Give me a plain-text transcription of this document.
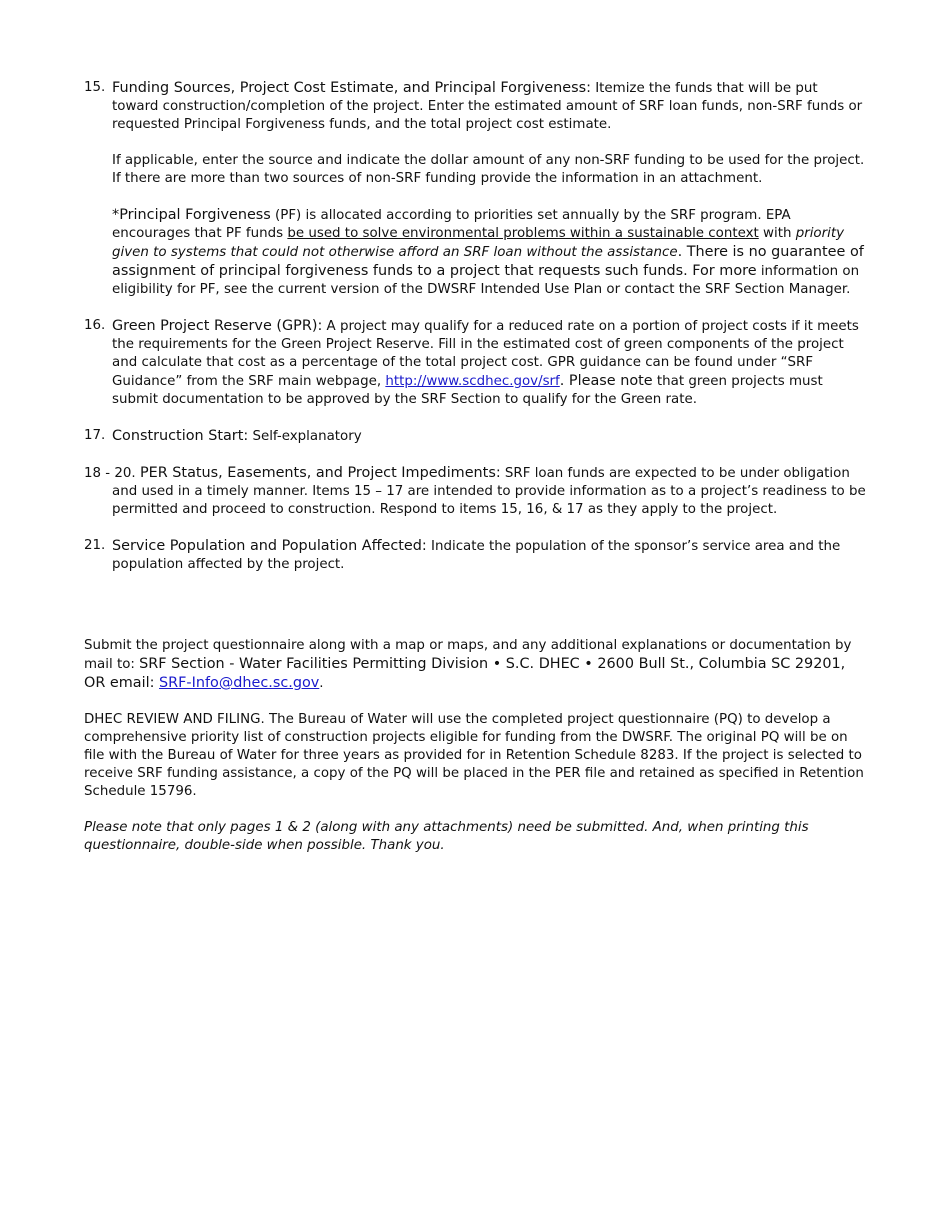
15. Funding Sources, Project Cost Estimate, and Principal Forgiveness: Itemize the funds that will be put toward construction/completion of the project. Enter the estimated amount of SRF loan funds, non-SRF funds or requested Principal Forgiveness funds, and the total project cost estimate.

If applicable, enter the source and indicate the dollar amount of any non-SRF funding to be used for the project. If there are more than two sources of non-SRF funding provide the information in an attachment.

*Principal Forgiveness (PF) is allocated according to priorities set annually by the SRF program. EPA encourages that PF funds be used to solve environmental problems within a sustainable context with priority given to systems that could not otherwise afford an SRF loan without the assistance. There is no guarantee of assignment of principal forgiveness funds to a project that requests such funds. For more information on eligibility for PF, see the current version of the DWSRF Intended Use Plan or contact the SRF Section Manager.

16. Green Project Reserve (GPR): A project may qualify for a reduced rate on a portion of project costs if it meets the requirements for the Green Project Reserve. Fill in the estimated cost of green components of the project and calculate that cost as a percentage of the total project cost. GPR guidance can be found under “SRF Guidance” from the SRF main webpage, http://www.scdhec.gov/srf. Please note that green projects must submit documentation to be approved by the SRF Section to qualify for the Green rate.

17. Construction Start: Self-explanatory

18 - 20. PER Status, Easements, and Project Impediments: SRF loan funds are expected to be under obligation and used in a timely manner. Items 15 – 17 are intended to provide information as to a project’s readiness to be permitted and proceed to construction. Respond to items 15, 16, & 17 as they apply to the project.

21. Service Population and Population Affected: Indicate the population of the sponsor’s service area and the population affected by the project.

Submit the project questionnaire along with a map or maps, and any additional explanations or documentation by mail to: SRF Section - Water Facilities Permitting Division • S.C. DHEC • 2600 Bull St., Columbia SC 29201, OR email: SRF-Info@dhec.sc.gov.

DHEC REVIEW AND FILING. The Bureau of Water will use the completed project questionnaire (PQ) to develop a comprehensive priority list of construction projects eligible for funding from the DWSRF. The original PQ will be on file with the Bureau of Water for three years as provided for in Retention Schedule 8283. If the project is selected to receive SRF funding assistance, a copy of the PQ will be placed in the PER file and retained as specified in Retention Schedule 15796.

Please note that only pages 1 & 2 (along with any attachments) need be submitted. And, when printing this questionnaire, double-side when possible. Thank you.
